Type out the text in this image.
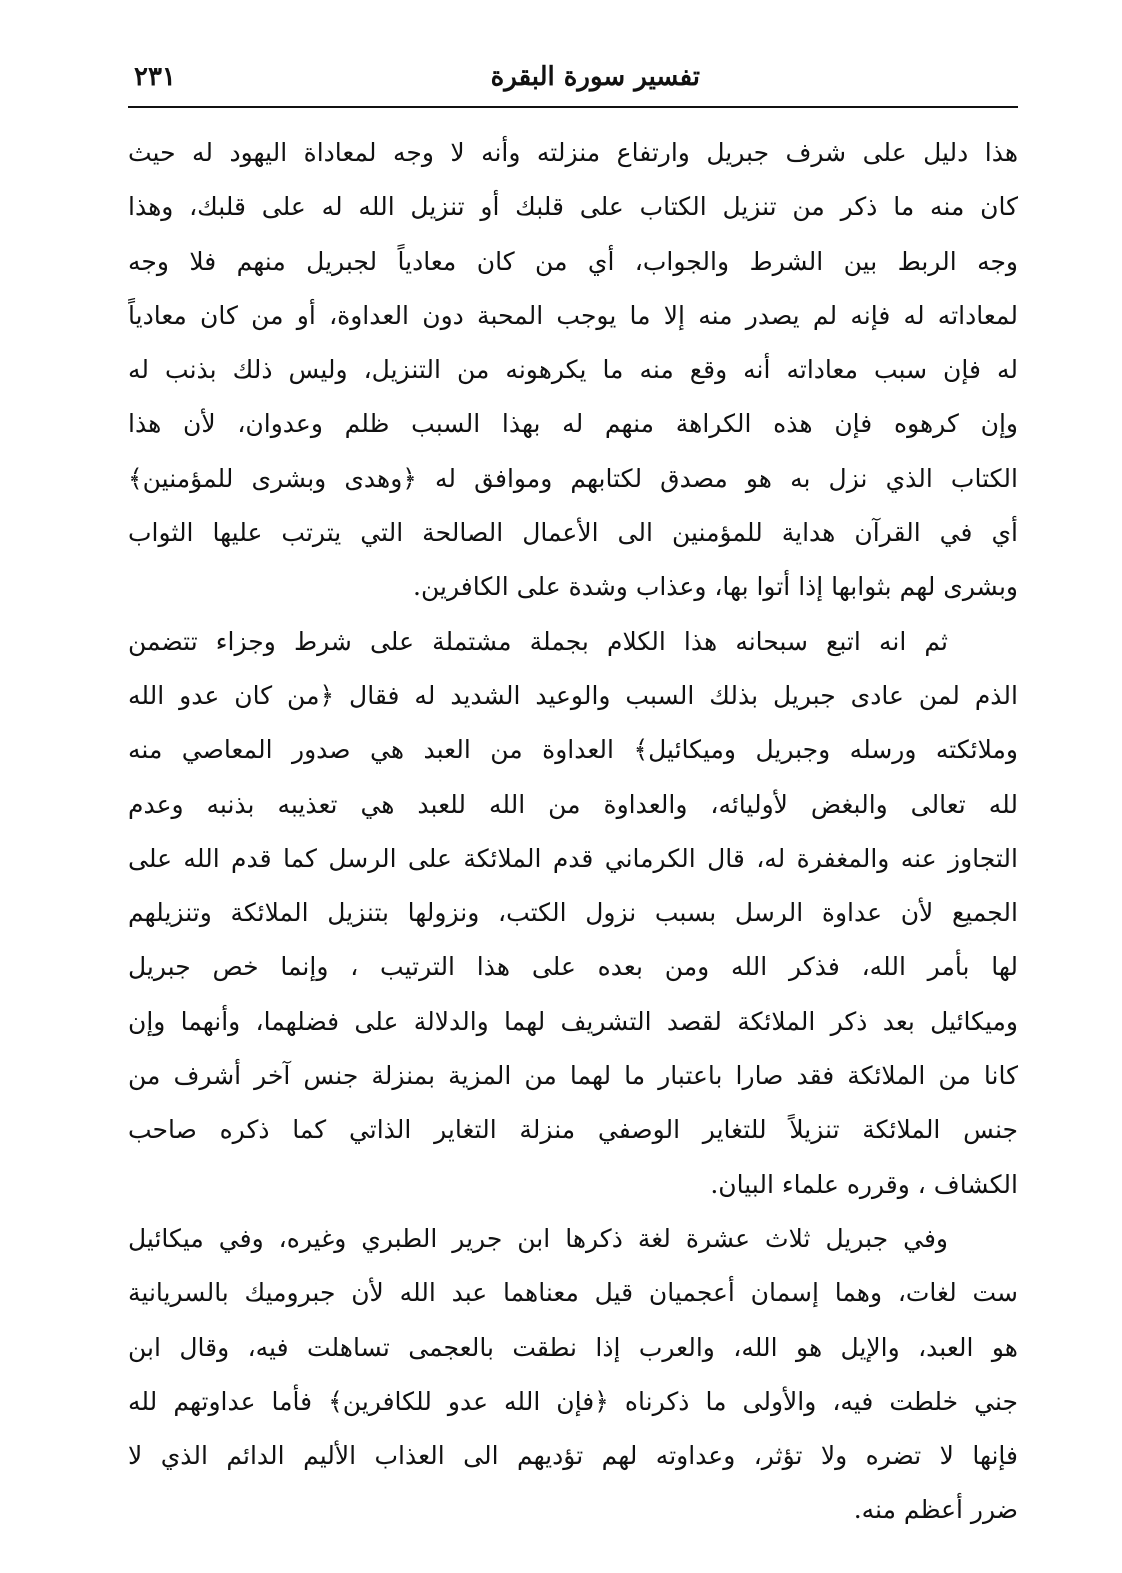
تفسير سورة البقرة
٢٣١
هذا دليل على شرف جبريل وارتفاع منزلته وأنه لا وجه لمعاداة اليهود له حيث
كان منه ما ذكر من تنزيل الكتاب على قلبك أو تنزيل الله له على قلبك، وهذا
وجه الربط بين الشرط والجواب، أي من كان معادياً لجبريل منهم فلا وجه
لمعاداته له فإنه لم يصدر منه إلا ما يوجب المحبة دون العداوة، أو من كان معادياً
له فإن سبب معاداته أنه وقع منه ما يكرهونه من التنزيل، وليس ذلك بذنب له
وإن كرهوه فإن هذه الكراهة منهم له بهذا السبب ظلم وعدوان، لأن هذا
الكتاب الذي نزل به هو مصدق لكتابهم وموافق له ﴿وهدى وبشرى للمؤمنين﴾
أي في القرآن هداية للمؤمنين الى الأعمال الصالحة التي يترتب عليها الثواب
وبشرى لهم بثوابها إذا أتوا بها، وعذاب وشدة على الكافرين.
ثم انه اتبع سبحانه هذا الكلام بجملة مشتملة على شرط وجزاء تتضمن
الذم لمن عادى جبريل بذلك السبب والوعيد الشديد له فقال ﴿من كان عدو الله
وملائكته ورسله وجبريل وميكائيل﴾ العداوة من العبد هي صدور المعاصي منه
لله تعالى والبغض لأوليائه، والعداوة من الله للعبد هي تعذيبه بذنبه وعدم
التجاوز عنه والمغفرة له، قال الكرماني قدم الملائكة على الرسل كما قدم الله على
الجميع لأن عداوة الرسل بسبب نزول الكتب، ونزولها بتنزيل الملائكة وتنزيلهم
لها بأمر الله، فذكر الله ومن بعده على هذا الترتيب ، وإنما خص جبريل
وميكائيل بعد ذكر الملائكة لقصد التشريف لهما والدلالة على فضلهما، وأنهما وإن
كانا من الملائكة فقد صارا باعتبار ما لهما من المزية بمنزلة جنس آخر أشرف من
جنس الملائكة تنزيلاً للتغاير الوصفي منزلة التغاير الذاتي كما ذكره صاحب
الكشاف ، وقرره علماء البيان.
وفي جبريل ثلاث عشرة لغة ذكرها ابن جرير الطبري وغيره، وفي ميكائيل
ست لغات، وهما إسمان أعجميان قيل معناهما عبد الله لأن جبروميك بالسريانية
هو العبد، والإيل هو الله، والعرب إذا نطقت بالعجمى تساهلت فيه، وقال ابن
جني خلطت فيه، والأولى ما ذكرناه ﴿فإن الله عدو للكافرين﴾ فأما عداوتهم لله
فإنها لا تضره ولا تؤثر، وعداوته لهم تؤديهم الى العذاب الأليم الدائم الذي لا
ضرر أعظم منه.
